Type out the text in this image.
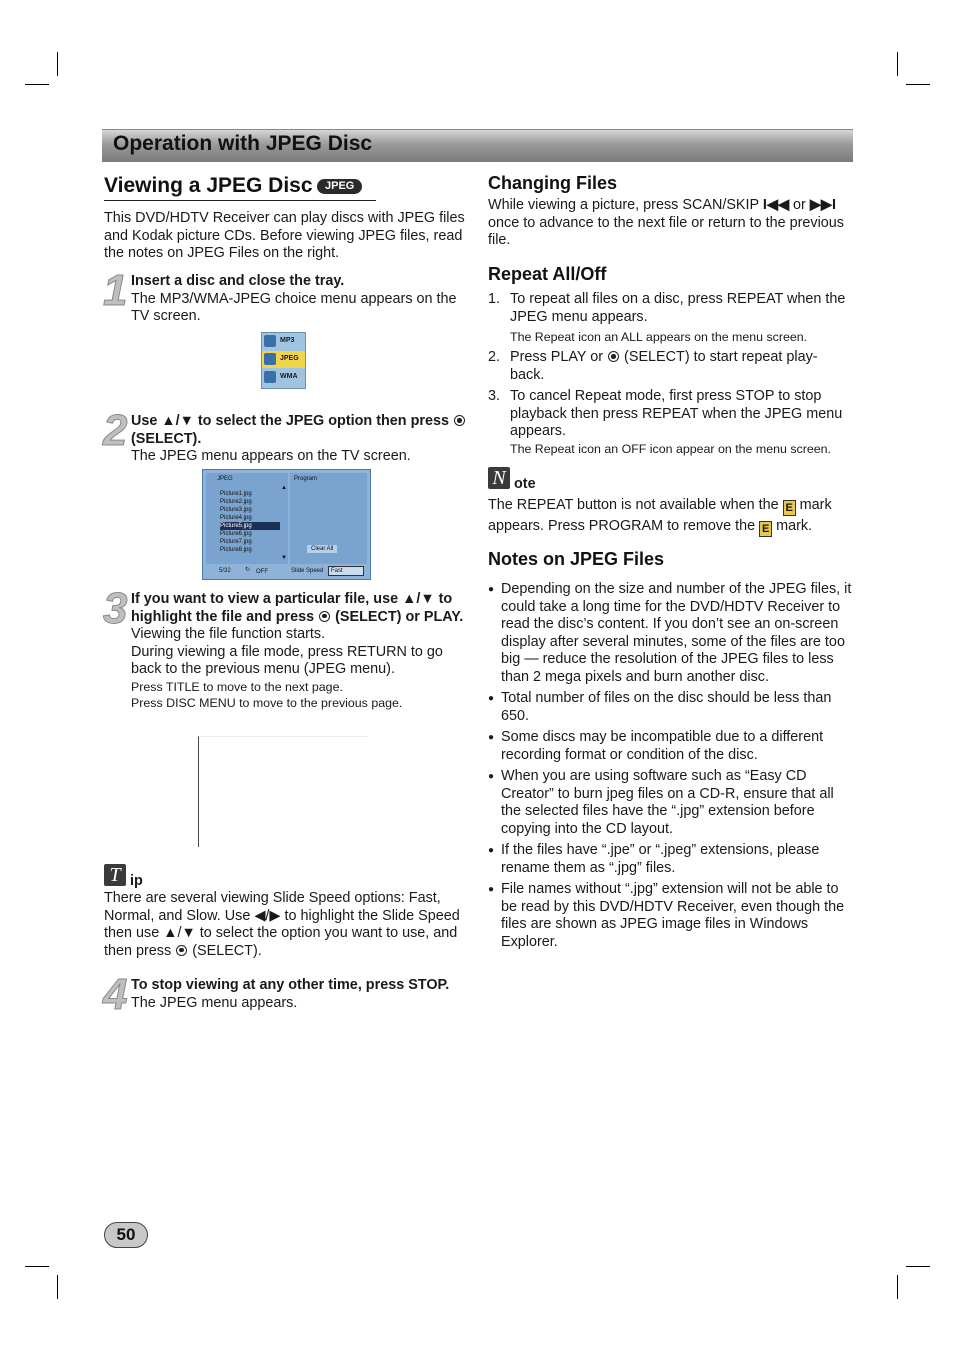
Operation with JPEG Disc
Viewing a JPEG Disc JPEG
This DVD/HDTV Receiver can play discs with JPEG files and Kodak picture CDs. Before viewing JPEG files, read the notes on JPEG Files on the right.
1 Insert a disc and close the tray.
The MP3/WMA-JPEG choice menu appears on the TV screen.
MP3
JPEG
WMA
2 Use ▲/▼ to select the JPEG option then press
(SELECT).
The JPEG menu appears on the TV screen.
JPEG	Program
Picture1.jpg
Picture2.jpg
Picture3.jpg
Picture4.jpg
Picture5.jpg
Picture6.jpg
Picture7.jpg
Picture8.jpg
▲
▼
Clear All
5/32 ↻ OFF	Slide Speed	Fast
3 If you want to view a particular file, use ▲/▼ to highlight the file and press (SELECT) or PLAY.
Viewing the file function starts.
During viewing a file mode, press RETURN to go back to the previous menu (JPEG menu).
Press TITLE to move to the next page.
Press DISC MENU to move to the previous page.
T ip
There are several viewing Slide Speed options: Fast, Normal, and Slow. Use ◀/▶ to highlight the Slide Speed then use ▲/▼ to select the option you want to use, and then press (SELECT).
4 To stop viewing at any other time, press STOP.
The JPEG menu appears.
Changing Files
While viewing a picture, press SCAN/SKIP I◀◀ or ▶▶I once to advance to the next file or return to the previous file.
Repeat All/Off
1. To repeat all files on a disc, press REPEAT when the JPEG menu appears.
The Repeat icon an ALL appears on the menu screen.
2. Press PLAY or (SELECT) to start repeat play-back.
3. To cancel Repeat mode, first press STOP to stop playback then press REPEAT when the JPEG menu appears.
The Repeat icon an OFF icon appear on the menu screen.
N ote
The REPEAT button is not available when the E mark appears. Press PROGRAM to remove the E mark.
Notes on JPEG Files
● Depending on the size and number of the JPEG files, it could take a long time for the DVD/HDTV Receiver to read the disc’s content. If you don’t see an on-screen display after several minutes, some of the files are too big — reduce the resolution of the JPEG files to less than 2 mega pixels and burn another disc.
● Total number of files on the disc should be less than 650.
● Some discs may be incompatible due to a different recording format or condition of the disc.
● When you are using software such as “Easy CD Creator” to burn jpeg files on a CD-R, ensure that all the selected files have the “.jpg” extension before copying into the CD layout.
● If the files have “.jpe” or “.jpeg” extensions, please rename them as “.jpg” files.
● File names without “.jpg” extension will not be able to be read by this DVD/HDTV Receiver, even though the files are shown as JPEG image files in Windows Explorer.
50
